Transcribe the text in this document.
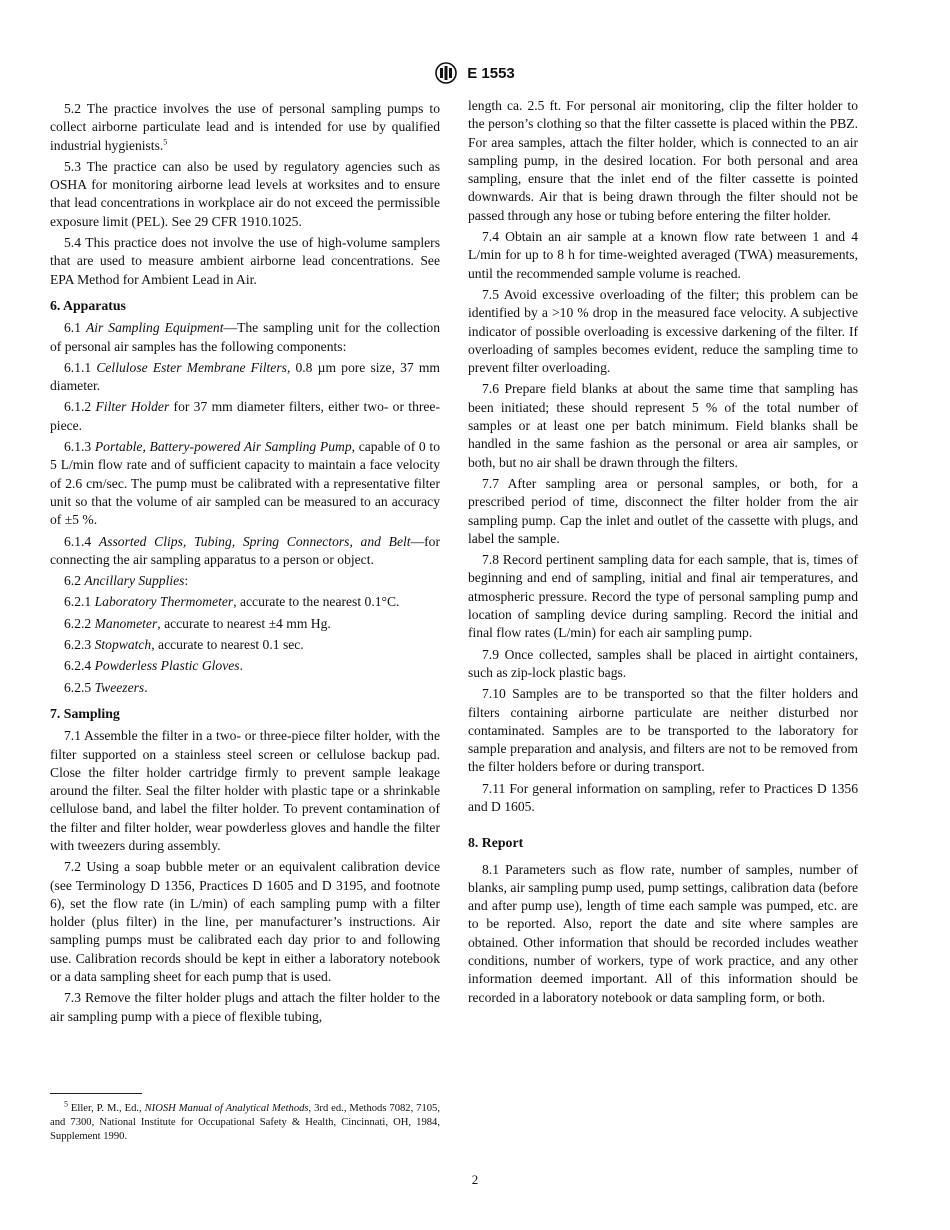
E 1553

5.2 The practice involves the use of personal sampling pumps to collect airborne particulate lead and is intended for use by qualified industrial hygienists.$^5$

5.3 The practice can also be used by regulatory agencies such as OSHA for monitoring airborne lead levels at worksites and to ensure that lead concentrations in workplace air do not exceed the permissible exposure limit (PEL). See 29 CFR 1910.1025.

5.4 This practice does not involve the use of high-volume samplers that are used to measure ambient airborne lead concentrations. See EPA Method for Ambient Lead in Air.

6. Apparatus

6.1 Air Sampling Equipment—The sampling unit for the collection of personal air samples has the following components:

6.1.1 Cellulose Ester Membrane Filters, 0.8 µm pore size, 37 mm diameter.

6.1.2 Filter Holder for 37 mm diameter filters, either two- or three-piece.

6.1.3 Portable, Battery-powered Air Sampling Pump, capable of 0 to 5 L/min flow rate and of sufficient capacity to maintain a face velocity of 2.6 cm/sec. The pump must be calibrated with a representative filter unit so that the volume of air sampled can be measured to an accuracy of ±5 %.

6.1.4 Assorted Clips, Tubing, Spring Connectors, and Belt—for connecting the air sampling apparatus to a person or object.

6.2 Ancillary Supplies:

6.2.1 Laboratory Thermometer, accurate to the nearest 0.1°C.

6.2.2 Manometer, accurate to nearest ±4 mm Hg.

6.2.3 Stopwatch, accurate to nearest 0.1 sec.

6.2.4 Powderless Plastic Gloves.

6.2.5 Tweezers.

7. Sampling

7.1 Assemble the filter in a two- or three-piece filter holder, with the filter supported on a stainless steel screen or cellulose backup pad. Close the filter holder cartridge firmly to prevent sample leakage around the filter. Seal the filter holder with plastic tape or a shrinkable cellulose band, and label the filter holder. To prevent contamination of the filter and filter holder, wear powderless gloves and handle the filter with tweezers during assembly.

7.2 Using a soap bubble meter or an equivalent calibration device (see Terminology D 1356, Practices D 1605 and D 3195, and footnote 6), set the flow rate (in L/min) of each sampling pump with a filter holder (plus filter) in the line, per manufacturer’s instructions. Air sampling pumps must be calibrated each day prior to and following use. Calibration records should be kept in either a laboratory notebook or a data sampling sheet for each pump that is used.

7.3 Remove the filter holder plugs and attach the filter holder to the air sampling pump with a piece of flexible tubing,

length ca. 2.5 ft. For personal air monitoring, clip the filter holder to the person’s clothing so that the filter cassette is placed within the PBZ. For area samples, attach the filter holder, which is connected to an air sampling pump, in the desired location. For both personal and area sampling, ensure that the inlet end of the filter cassette is pointed downwards. Air that is being drawn through the filter should not be passed through any hose or tubing before entering the filter holder.

7.4 Obtain an air sample at a known flow rate between 1 and 4 L/min for up to 8 h for time-weighted averaged (TWA) measurements, until the recommended sample volume is reached.

7.5 Avoid excessive overloading of the filter; this problem can be identified by a >10 % drop in the measured face velocity. A subjective indicator of possible overloading is excessive darkening of the filter. If overloading of samples becomes evident, reduce the sampling time to prevent filter overloading.

7.6 Prepare field blanks at about the same time that sampling has been initiated; these should represent 5 % of the total number of samples or at least one per batch minimum. Field blanks shall be handled in the same fashion as the personal or area air samples, or both, but no air shall be drawn through the filters.

7.7 After sampling area or personal samples, or both, for a prescribed period of time, disconnect the filter holder from the air sampling pump. Cap the inlet and outlet of the cassette with plugs, and label the sample.

7.8 Record pertinent sampling data for each sample, that is, times of beginning and end of sampling, initial and final air temperatures, and atmospheric pressure. Record the type of personal sampling pump and location of sampling device during sampling. Record the initial and final flow rates (L/min) for each air sampling pump.

7.9 Once collected, samples shall be placed in airtight containers, such as zip-lock plastic bags.

7.10 Samples are to be transported so that the filter holders and filters containing airborne particulate are neither disturbed nor contaminated. Samples are to be transported to the laboratory for sample preparation and analysis, and filters are not to be removed from the filter holders before or during transport.

7.11 For general information on sampling, refer to Practices D 1356 and D 1605.

8. Report

8.1 Parameters such as flow rate, number of samples, number of blanks, air sampling pump used, pump settings, calibration data (before and after pump use), length of time each sample was pumped, etc. are to be reported. Also, report the date and site where samples are obtained. Other information that should be recorded includes weather conditions, number of workers, type of work practice, and any other information deemed important. All of this information should be recorded in a laboratory notebook or data sampling form, or both.

$^5$ Eller, P. M., Ed., NIOSH Manual of Analytical Methods, 3rd ed., Methods 7082, 7105, and 7300, National Institute for Occupational Safety & Health, Cincinnati, OH, 1984, Supplement 1990.
2
